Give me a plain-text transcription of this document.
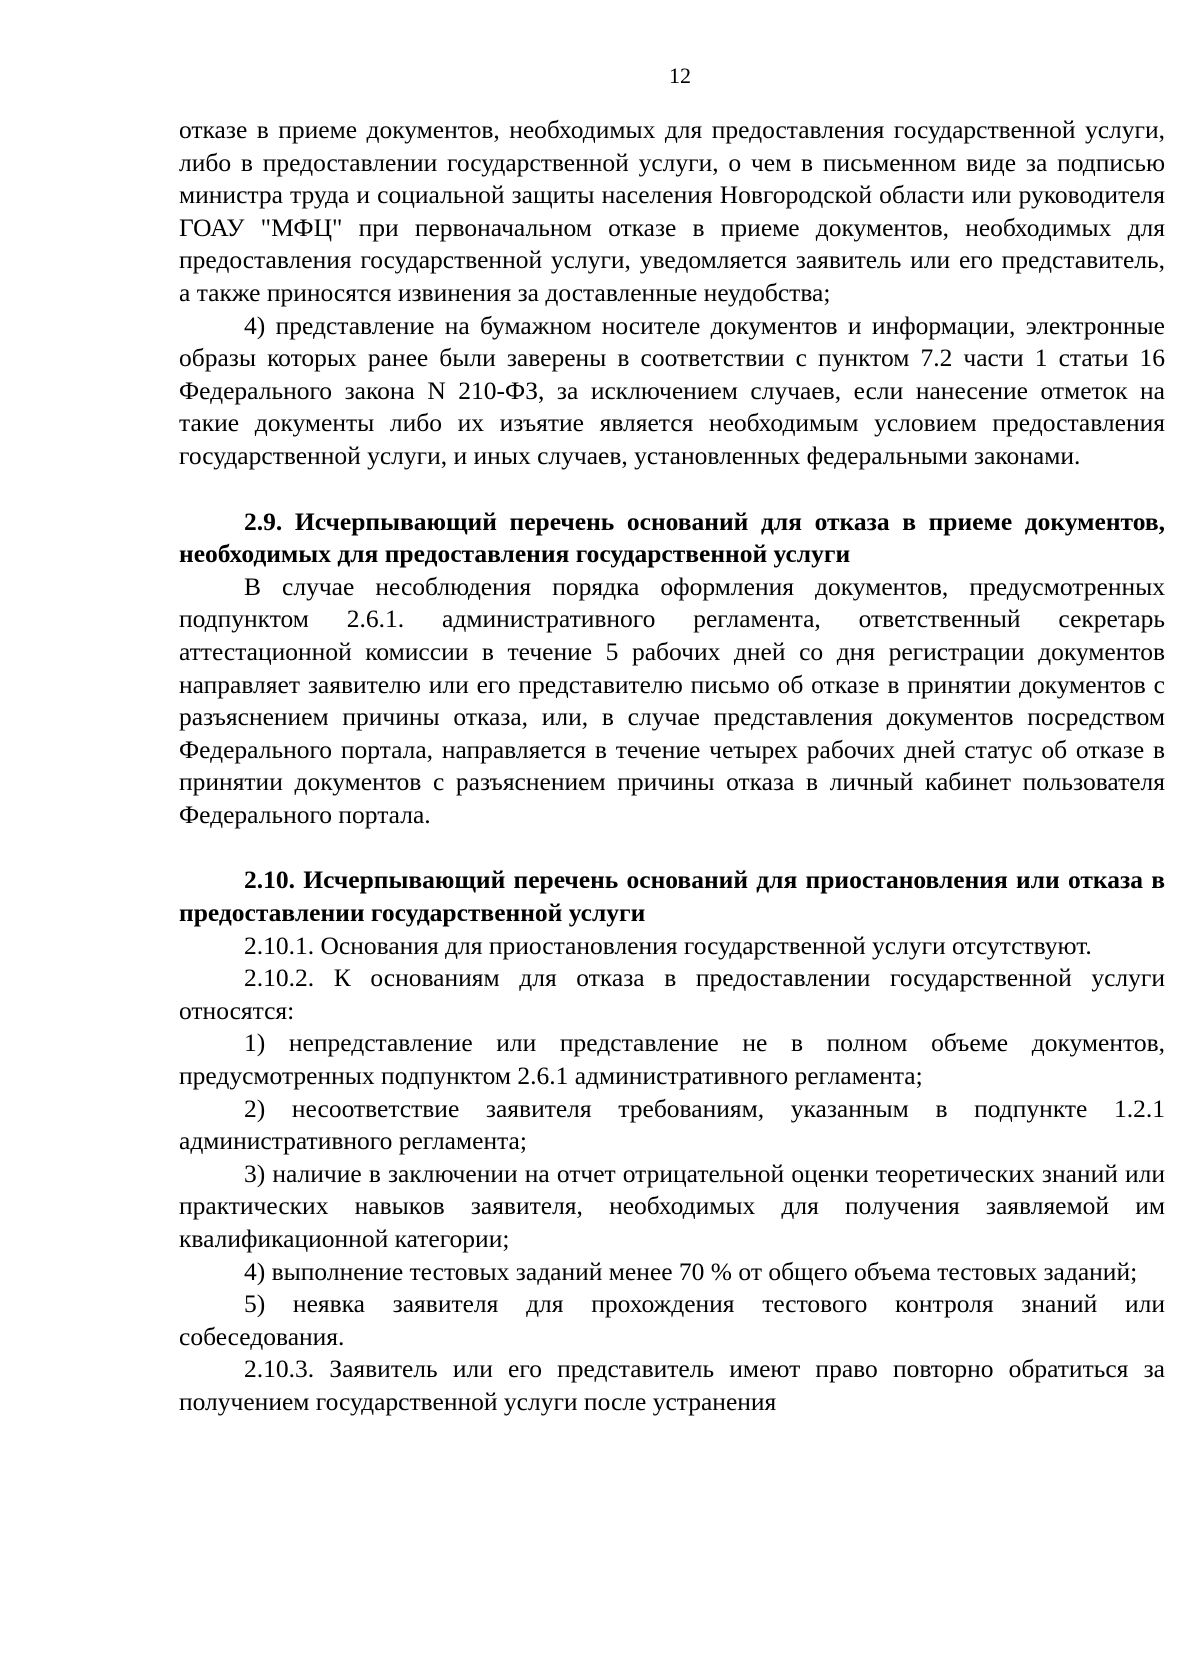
12

отказе в приеме документов, необходимых для предоставления государственной услуги, либо в предоставлении государственной услуги, о чем в письменном виде за подписью министра труда и социальной защиты населения Новгородской области или руководителя ГОАУ "МФЦ" при первоначальном отказе в приеме документов, необходимых для предоставления государственной услуги, уведомляется заявитель или его представитель, а также приносятся извинения за доставленные неудобства;

4) представление на бумажном носителе документов и информации, электронные образы которых ранее были заверены в соответствии с пунктом 7.2 части 1 статьи 16 Федерального закона N 210-ФЗ, за исключением случаев, если нанесение отметок на такие документы либо их изъятие является необходимым условием предоставления государственной услуги, и иных случаев, установленных федеральными законами.

2.9. Исчерпывающий перечень оснований для отказа в приеме документов, необходимых для предоставления государственной услуги

В случае несоблюдения порядка оформления документов, предусмотренных подпунктом 2.6.1. административного регламента, ответственный секретарь аттестационной комиссии в течение 5 рабочих дней со дня регистрации документов направляет заявителю или его представителю письмо об отказе в принятии документов с разъяснением причины отказа, или, в случае представления документов посредством Федерального портала, направляется в течение четырех рабочих дней статус об отказе в принятии документов с разъяснением причины отказа в личный кабинет пользователя Федерального портала.

2.10. Исчерпывающий перечень оснований для приостановления или отказа в предоставлении государственной услуги

2.10.1. Основания для приостановления государственной услуги отсутствуют.

2.10.2. К основаниям для отказа в предоставлении государственной услуги относятся:

1) непредставление или представление не в полном объеме документов, предусмотренных подпунктом 2.6.1 административного регламента;

2) несоответствие заявителя требованиям, указанным в подпункте 1.2.1 административного регламента;

3) наличие в заключении на отчет отрицательной оценки теоретических знаний или практических навыков заявителя, необходимых для получения заявляемой им квалификационной категории;

4) выполнение тестовых заданий менее 70 % от общего объема тестовых заданий;

5) неявка заявителя для прохождения тестового контроля знаний или собеседования.

2.10.3. Заявитель или его представитель имеют право повторно обратиться за получением государственной услуги после устранения
